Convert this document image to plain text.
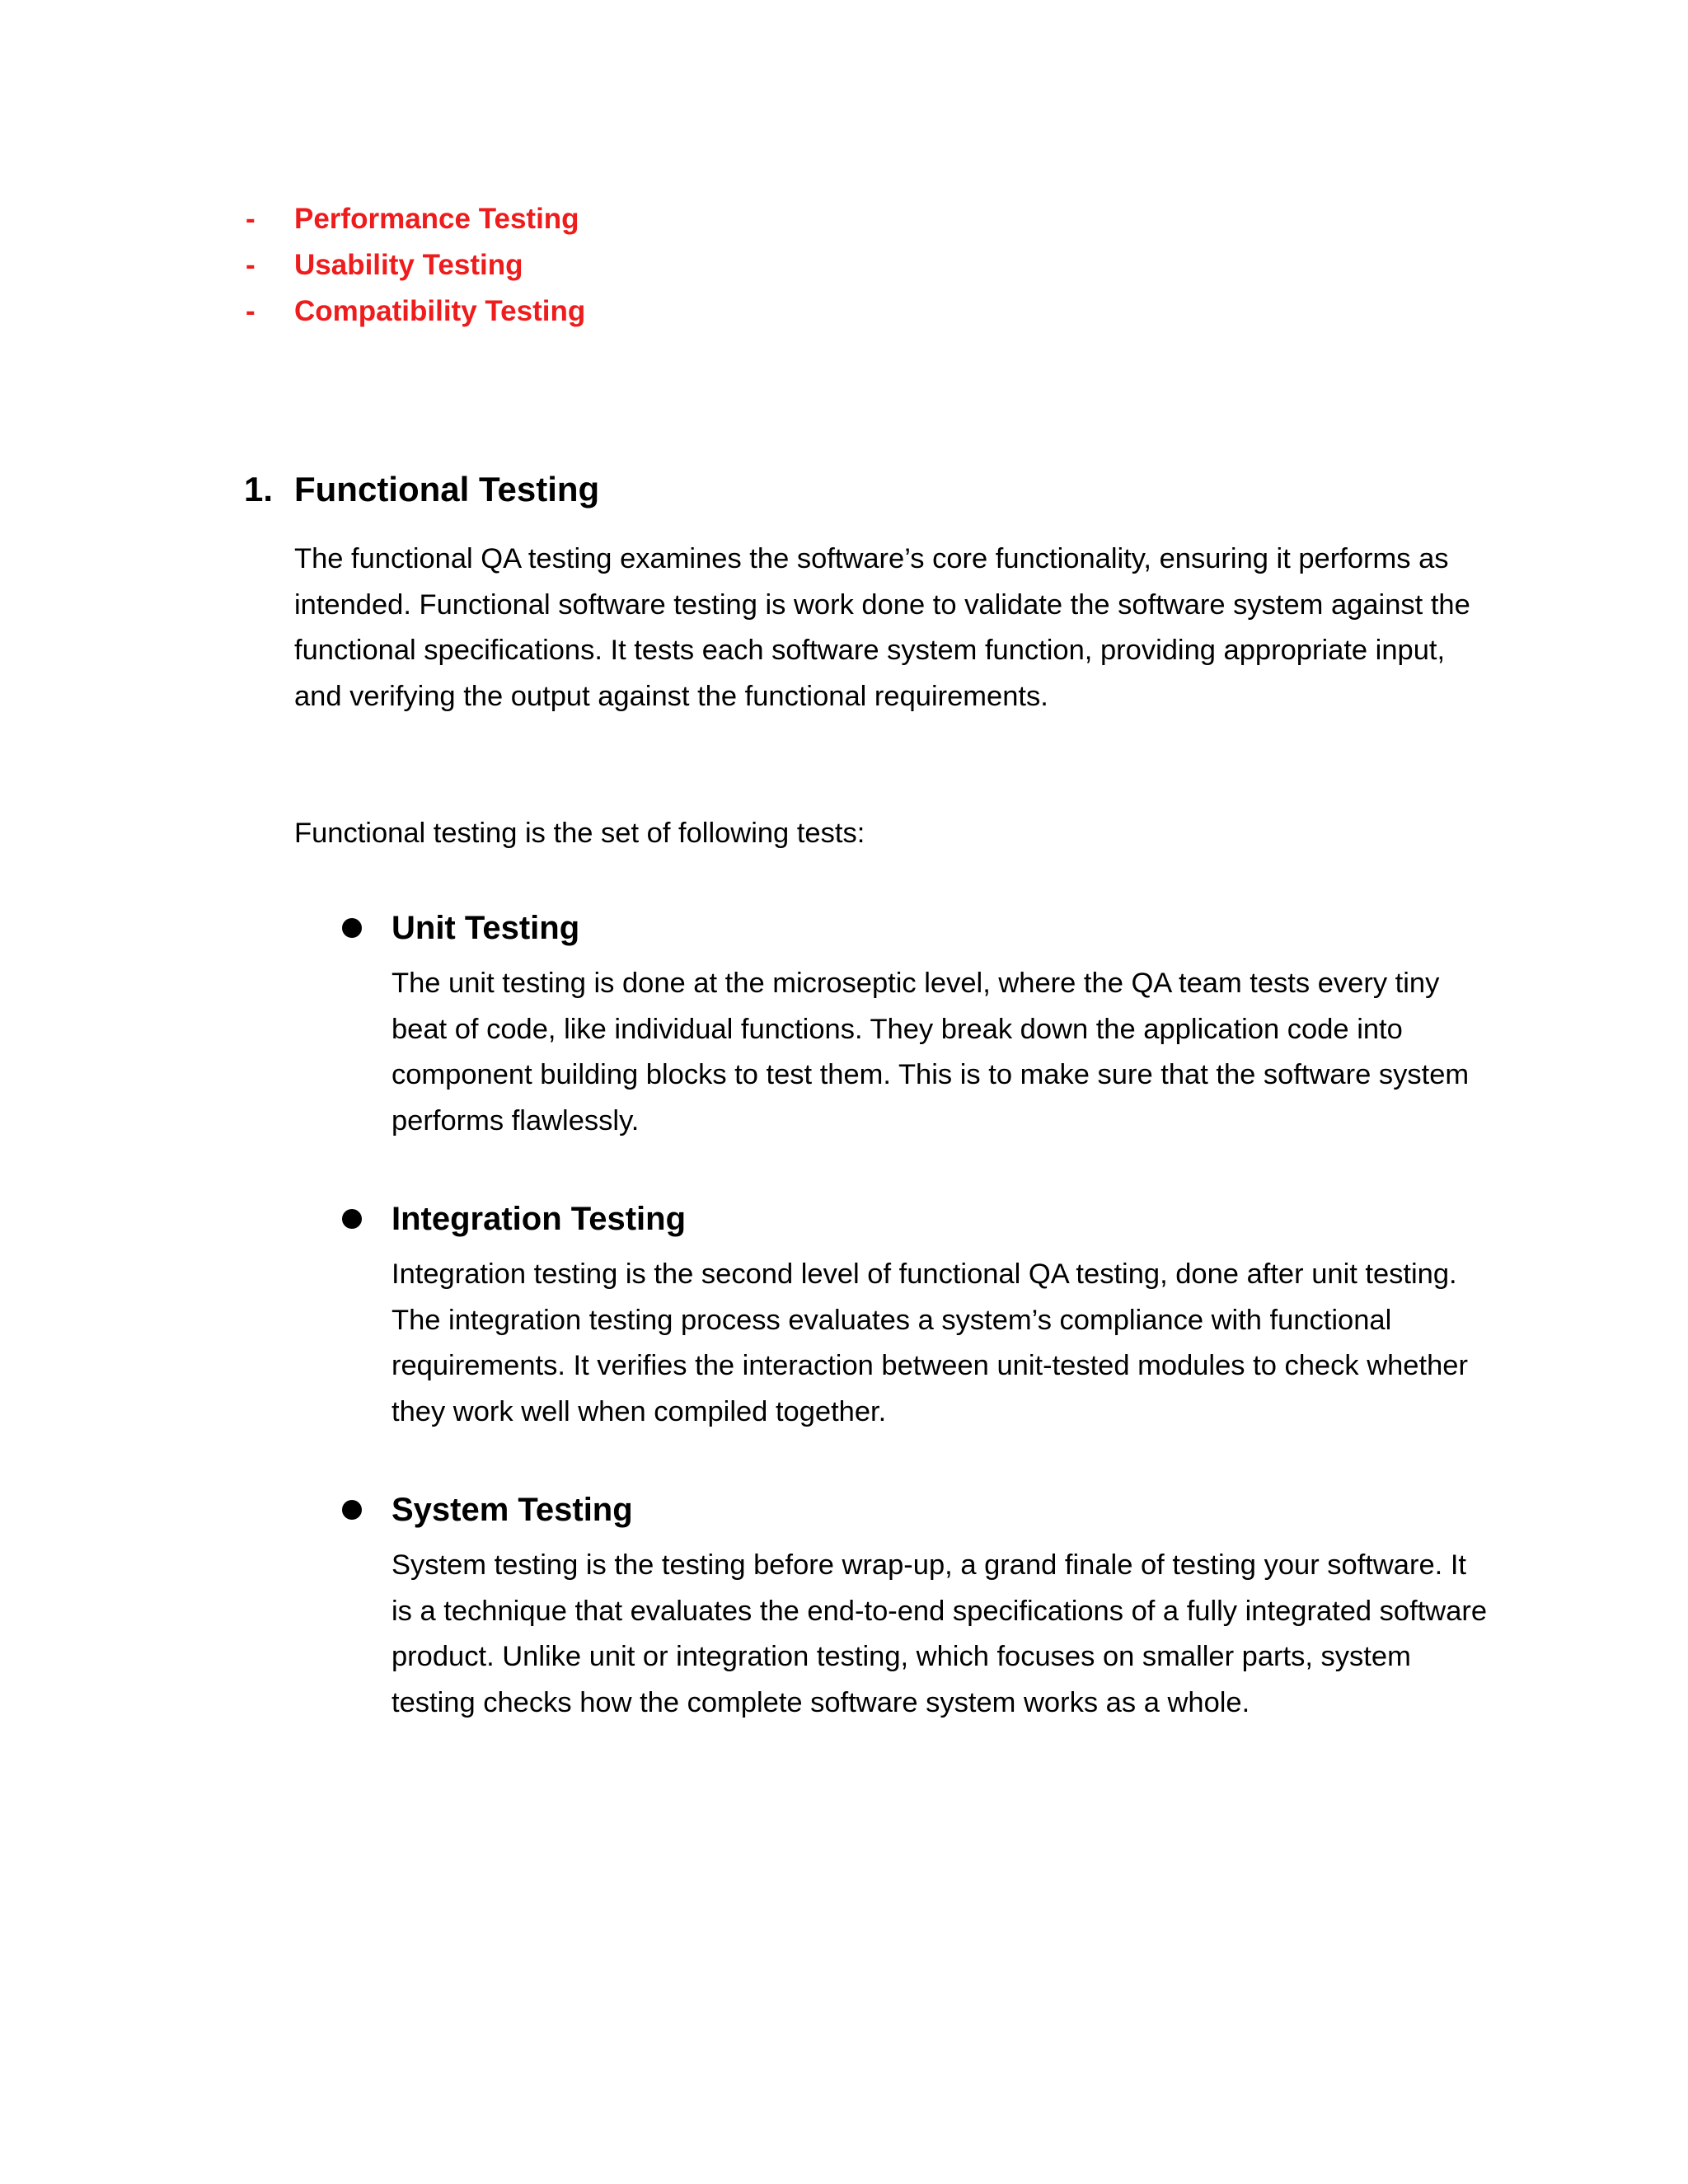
-	Performance Testing
-	Usability Testing
-	Compatibility Testing
1. Functional Testing

The functional QA testing examines the software’s core functionality, ensuring it performs as intended. Functional software testing is work done to validate the software system against the functional specifications. It tests each software system function, providing appropriate input, and verifying the output against the functional requirements.

Functional testing is the set of following tests:

Unit Testing
The unit testing is done at the microseptic level, where the QA team tests every tiny beat of code, like individual functions. They break down the application code into component building blocks to test them. This is to make sure that the software system performs flawlessly.
Integration Testing
Integration testing is the second level of functional QA testing, done after unit testing. The integration testing process evaluates a system’s compliance with functional requirements. It verifies the interaction between unit-tested modules to check whether they work well when compiled together.
System Testing
System testing is the testing before wrap-up, a grand finale of testing your software. It is a technique that evaluates the end-to-end specifications of a fully integrated software product. Unlike unit or integration testing, which focuses on smaller parts, system testing checks how the complete software system works as a whole.
